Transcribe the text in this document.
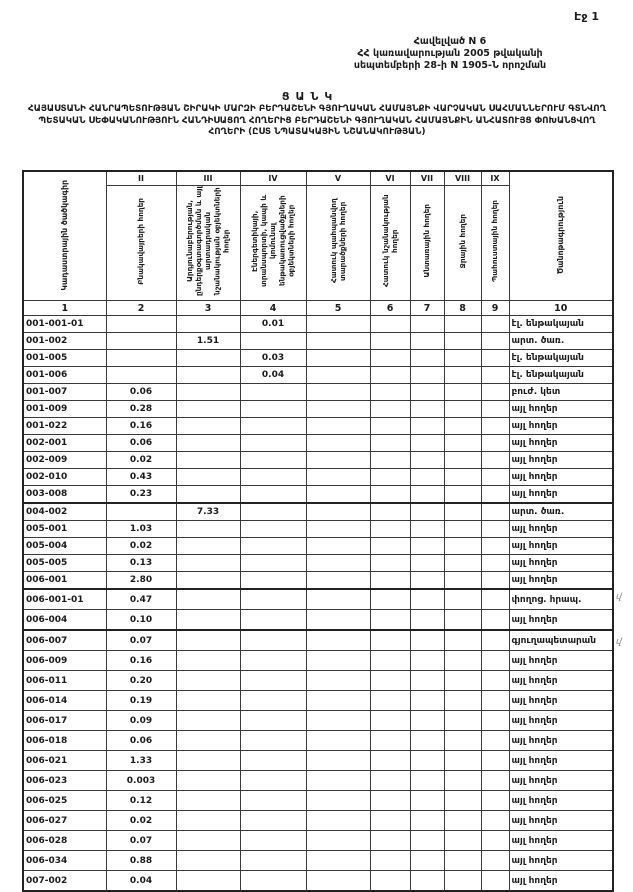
Էջ 1
Հավելված N 6
ՀՀ կառավարության 2005 թվականի
սեպտեմբերի 28-ի N 1905-Ն որոշման
ՑԱՆԿ
ՀԱՅԱՍՏԱՆԻ ՀԱՆՐԱՊԵՏՈՒԹՅԱՆ ՇԻՐԱԿԻ ՄԱՐԶԻ ԲԵՐԴԱՇԵՆԻ ԳՅՈՒՂԱԿԱՆ ՀԱՄԱՅՆՔԻ ՎԱՐՉԱԿԱՆ ՍԱՀՄԱՆՆԵՐՈՒՄ ԳՏՆՎՈՂ ՊԵՏԱԿԱՆ ՍԵՓԱԿԱՆՈՒԹՅՈՒՆ ՀԱՆԴԻՍԱՑՈՂ ՀՈՂԵՐԻՑ ԲԵՐԴԱՇԵՆԻ ԳՅՈՒՂԱԿԱՆ ՀԱՄԱՅՆՔԻՆ ԱՆՀԱՏՈՒՅՑ ՓՈԽԱՆՑՎՈՂ ՀՈՂԵՐԻ (ԸՍՏ ՆՊԱՏԱԿԱՅԻՆ ՆՇԱՆԱԿՈՒԹՅԱՆ)
Կադաստրային ծածկագիր	II	III	IV	V	VI	VII	VIII	IX	Ծանոթագրություն
	Բնակավայրերի հողեր	Արդյունաբերության, ընդերքօգտագործման և այլ արտադրական նշանակության օբյեկտների հողեր	Էներգետիկայի, տրանսպորտի, կապի և կոմունալ ենթակառուցվածքների օբյեկտների հողեր	Հատուկ պահպանվող տարածքների հողեր	Հատուկ նշանակության հողեր	Անտառային հողեր	Ջրային հողեր	Պահուստային հողեր	
1	2	3	4	5	6	7	8	9	10
001-001-01			0.01						էլ. ենթակայան
001-002		1.51							արտ. ծառ.
001-005			0.03						էլ. ենթակայան
001-006			0.04						էլ. ենթակայան
001-007	0.06								բուժ. կետ
001-009	0.28								այլ հողեր
001-022	0.16								այլ հողեր
002-001	0.06								այլ հողեր
002-009	0.02								այլ հողեր
002-010	0.43								այլ հողեր
003-008	0.23								այլ հողեր
004-002		7.33							արտ. ծառ.
005-001	1.03								այլ հողեր
005-004	0.02								այլ հողեր
005-005	0.13								այլ հողեր
006-001	2.80								այլ հողեր
006-001-01	0.47								փողոց. հրապ.
006-004	0.10								այլ հողեր
006-007	0.07								գյուղապետարան
006-009	0.16								այլ հողեր
006-011	0.20								այլ հողեր
006-014	0.19								այլ հողեր
006-017	0.09								այլ հողեր
006-018	0.06								այլ հողեր
006-021	1.33								այլ հողեր
006-023	0.003								այլ հողեր
006-025	0.12								այլ հողեր
006-027	0.02								այլ հողեր
006-028	0.07								այլ հողեր
006-034	0.88								այլ հողեր
007-002	0.04								այլ հողեր
վ
վ
